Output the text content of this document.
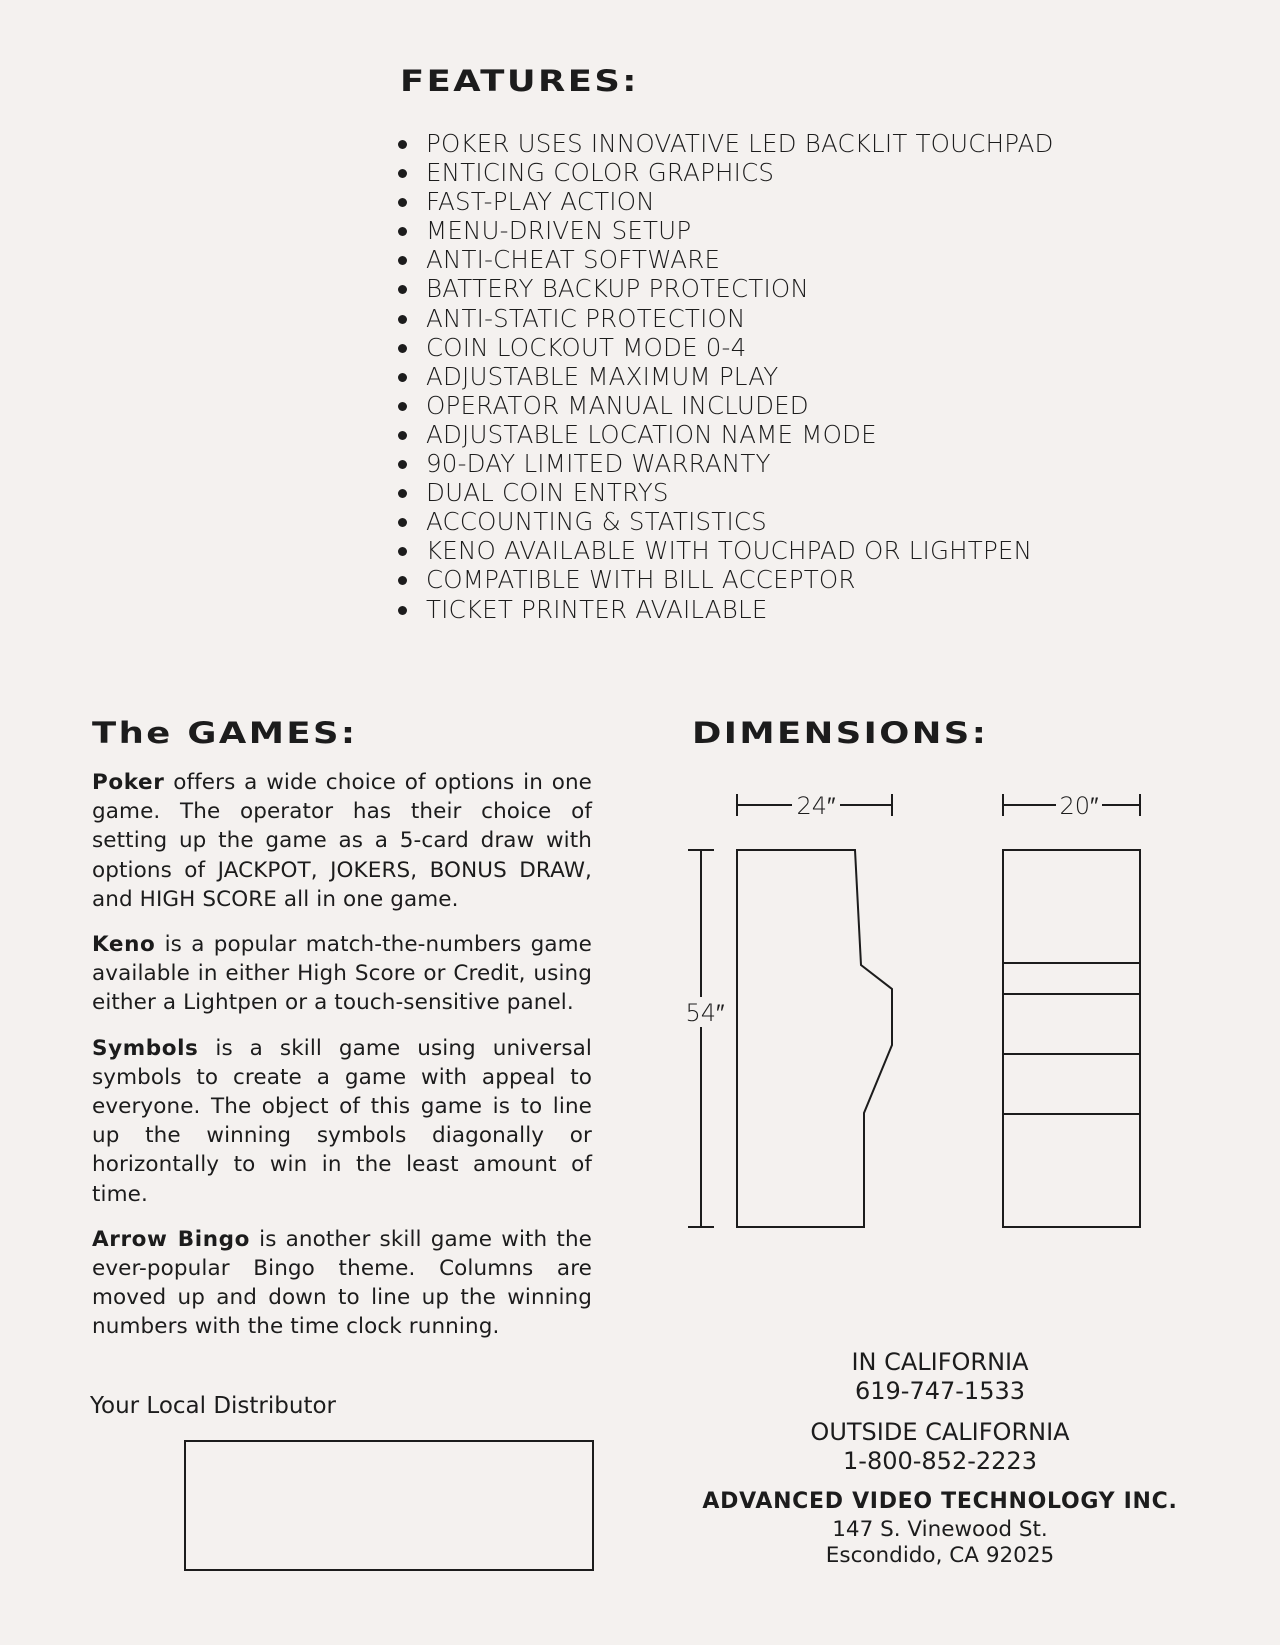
FEATURES:
POKER USES INNOVATIVE LED BACKLIT TOUCHPAD
ENTICING COLOR GRAPHICS
FAST-PLAY ACTION
MENU-DRIVEN SETUP
ANTI-CHEAT SOFTWARE
BATTERY BACKUP PROTECTION
ANTI-STATIC PROTECTION
COIN LOCKOUT MODE 0-4
ADJUSTABLE MAXIMUM PLAY
OPERATOR MANUAL INCLUDED
ADJUSTABLE LOCATION NAME MODE
90-DAY LIMITED WARRANTY
DUAL COIN ENTRYS
ACCOUNTING & STATISTICS
KENO AVAILABLE WITH TOUCHPAD OR LIGHTPEN
COMPATIBLE WITH BILL ACCEPTOR
TICKET PRINTER AVAILABLE
The GAMES:

Poker offers a wide choice of options in one game. The operator has their choice of setting up the game as a 5-card draw with options of JACKPOT, JOKERS, BONUS DRAW, and HIGH SCORE all in one game.

Keno is a popular match-the-numbers game available in either High Score or Credit, using either a Lightpen or a touch-sensitive panel.

Symbols is a skill game using universal symbols to create a game with appeal to everyone. The object of this game is to line up the winning symbols diagonally or horizontally to win in the least amount of time.

Arrow Bingo is another skill game with the ever-popular Bingo theme. Columns are moved up and down to line up the winning numbers with the time clock running.

DIMENSIONS:
24″	20″
54″
Your Local Distributor
IN CALIFORNIA
619-747-1533
OUTSIDE CALIFORNIA
1-800-852-2223
ADVANCED VIDEO TECHNOLOGY INC.
147 S. Vinewood St.
Escondido, CA 92025
